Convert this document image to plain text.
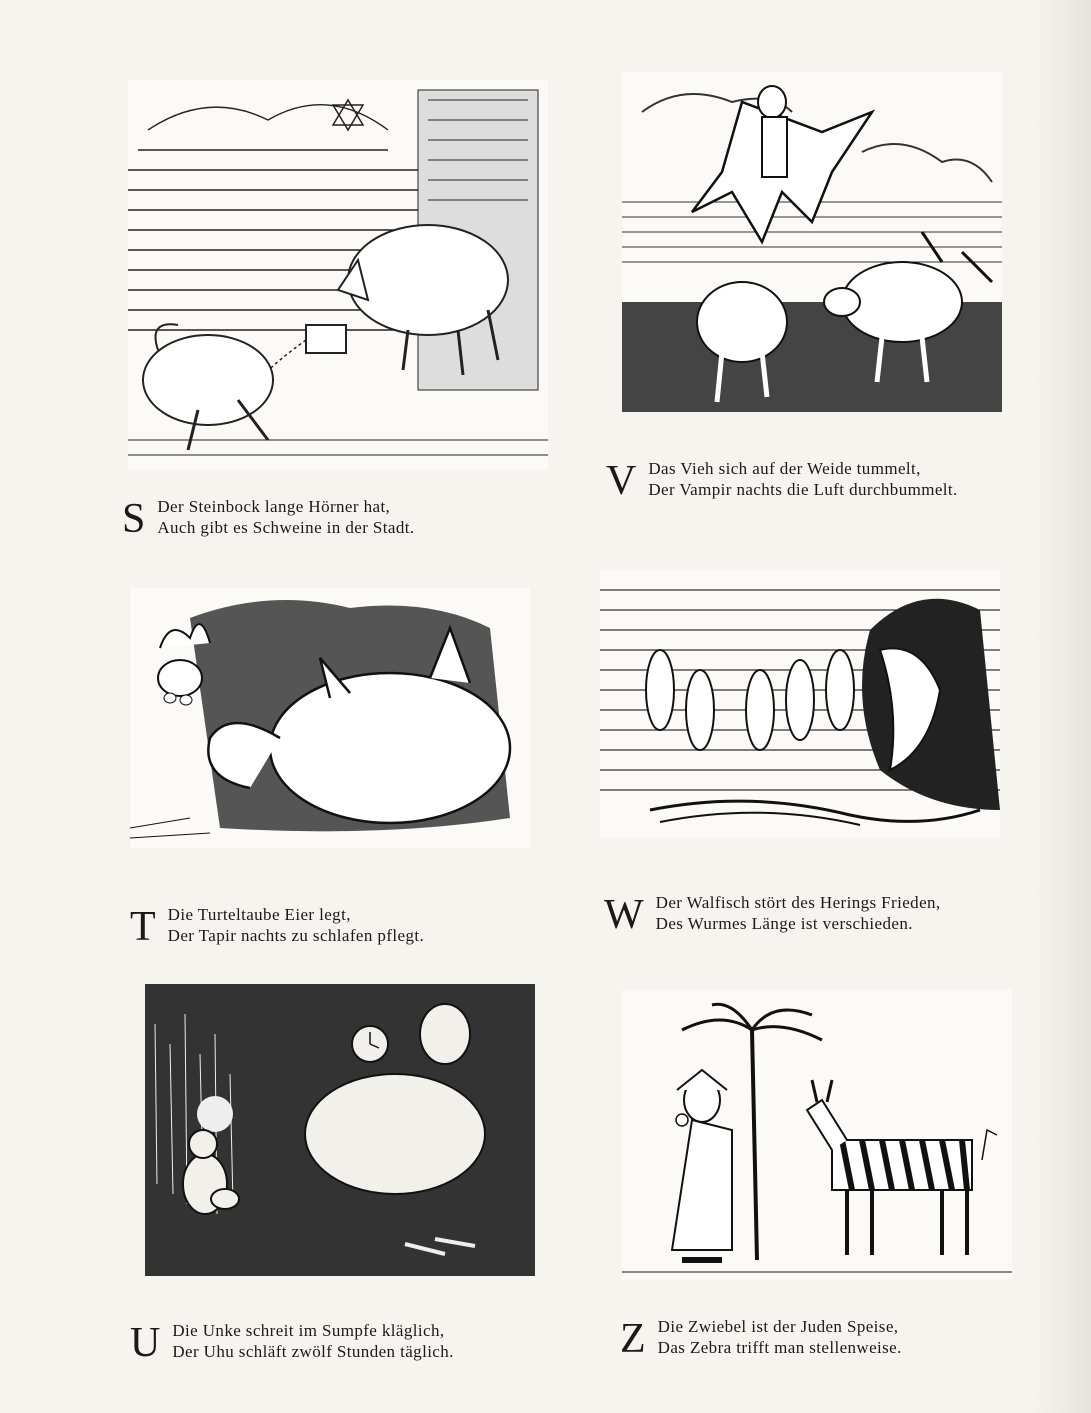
S Der Steinbock lange Hörner hat,
Auch gibt es Schweine in der Stadt.
V Das Vieh sich auf der Weide tummelt,
Der Vampir nachts die Luft durchbummelt.
T Die Turteltaube Eier legt,
Der Tapir nachts zu schlafen pflegt.	W Der Walfisch stört des Herings Frieden,
Des Wurmes Länge ist verschieden.
U Die Unke schreit im Sumpfe kläglich,
Der Uhu schläft zwölf Stunden täglich.	Z Die Zwiebel ist der Juden Speise,
Das Zebra trifft man stellenweise.
